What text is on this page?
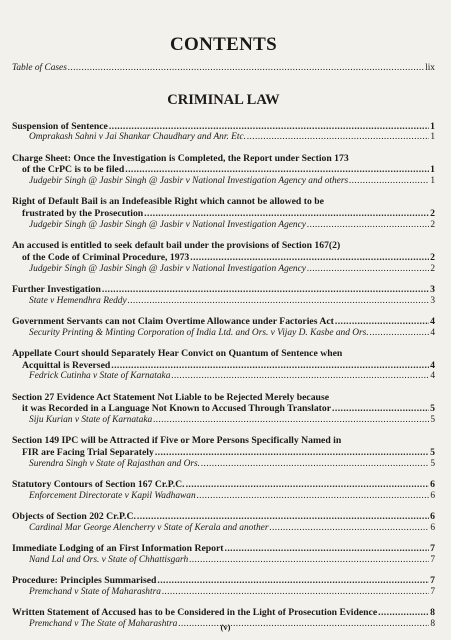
CONTENTS
Table of Cases .....	lix
CRIMINAL LAW
Suspension of Sentence .....	1
Omprakash Sahni v Jai Shankar Chaudhary and Anr. Etc. .....	1
Charge Sheet: Once the Investigation is Completed, the Report under Section 173
of the CrPC is to be filed .....	1
Judgebir Singh @ Jasbir Singh @ Jasbir v National Investigation Agency and others .....	1
Right of Default Bail is an Indefeasible Right which cannot be allowed to be
frustrated by the Prosecution .....	2
Judgebir Singh @ Jasbir Singh @ Jasbir v National Investigation Agency .....	2
An accused is entitled to seek default bail under the provisions of Section 167(2)
of the Code of Criminal Procedure, 1973 .....	2
Judgebir Singh @ Jasbir Singh @ Jasbir v National Investigation Agency .....	2
Further Investigation .....	3
State v Hemendhra Reddy .....	3
Government Servants can not Claim Overtime Allowance under Factories Act .....	4
Security Printing & Minting Corporation of India Ltd. and Ors. v Vijay D. Kasbe and Ors. .....	4
Appellate Court should Separately Hear Convict on Quantum of Sentence when
Acquittal is Reversed .....	4
Fedrick Cutinha v State of Karnataka .....	4
Section 27 Evidence Act Statement Not Liable to be Rejected Merely because
it was Recorded in a Language Not Known to Accused Through Translator .....	5
Siju Kurian v State of Karnataka .....	5
Section 149 IPC will be Attracted if Five or More Persons Specifically Named in
FIR are Facing Trial Separately .....	5
Surendra Singh v State of Rajasthan and Ors. .....	5
Statutory Contours of Section 167 Cr.P.C. .....	6
Enforcement Directorate v Kapil Wadhawan .....	6
Objects of Section 202 Cr.P.C. .....	6
Cardinal Mar George Alencherry v State of Kerala and another .....	6
Immediate Lodging of an First Information Report .....	7
Nand Lal and Ors. v State of Chhattisgarh .....	7
Procedure: Principles Summarised .....	7
Premchand v State of Maharashtra .....	7
Written Statement of Accused has to be Considered in the Light of Prosecution Evidence .....	8
Premchand v The State of Maharashtra .....	8
(v)
